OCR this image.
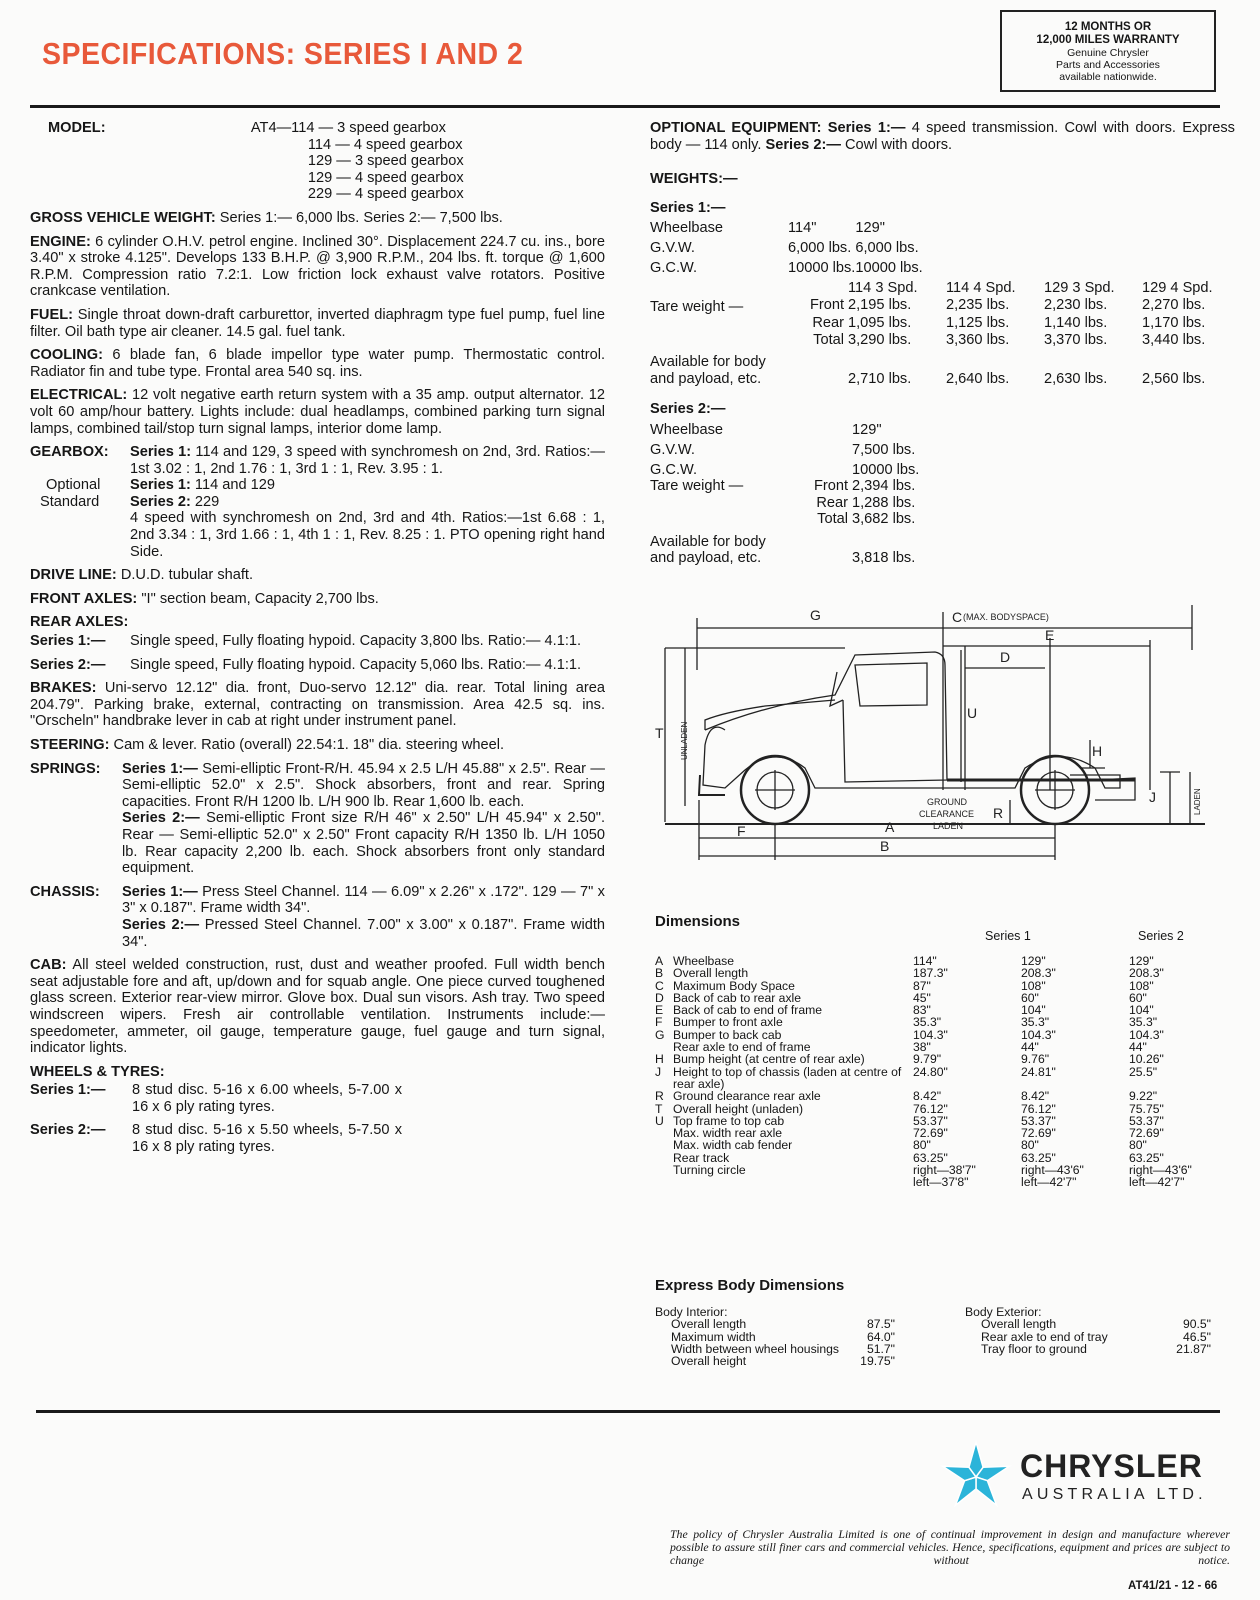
SPECIFICATIONS: SERIES I AND 2
12 MONTHS OR
12,000 MILES WARRANTY
Genuine Chrysler
Parts and Accessories
available nationwide.
MODEL:	AT4—114 — 3 speed gearbox
114 — 4 speed gearbox
129 — 3 speed gearbox
129 — 4 speed gearbox
229 — 4 speed gearbox

GROSS VEHICLE WEIGHT: Series 1:— 6,000 lbs. Series 2:— 7,500 lbs.

ENGINE: 6 cylinder O.H.V. petrol engine. Inclined 30°. Displacement 224.7 cu. ins., bore 3.40" x stroke 4.125". Develops 133 B.H.P. @ 3,900 R.P.M., 204 lbs. ft. torque @ 1,600 R.P.M. Compression ratio 7.2:1. Low friction lock exhaust valve rotators. Positive crankcase ventilation.

FUEL: Single throat down-draft carburettor, inverted diaphragm type fuel pump, fuel line filter. Oil bath type air cleaner. 14.5 gal. fuel tank.

COOLING: 6 blade fan, 6 blade impellor type water pump. Thermostatic control. Radiator fin and tube type. Frontal area 540 sq. ins.

ELECTRICAL: 12 volt negative earth return system with a 35 amp. output alternator. 12 volt 60 amp/hour battery. Lights include: dual headlamps, combined parking turn signal lamps, combined tail/stop turn signal lamps, interior dome lamp.

GEARBOX:	Series 1: 114 and 129, 3 speed with synchromesh on 2nd, 3rd. Ratios:— 1st 3.02 : 1, 2nd 1.76 : 1, 3rd 1 : 1, Rev. 3.95 : 1.
Optional	Series 1: 114 and 129
Standard	Series 2: 229
4 speed with synchromesh on 2nd, 3rd and 4th. Ratios:—1st 6.68 : 1, 2nd 3.34 : 1, 3rd 1.66 : 1, 4th 1 : 1, Rev. 8.25 : 1. PTO opening right hand Side.

DRIVE LINE: D.U.D. tubular shaft.

FRONT AXLES: "I" section beam, Capacity 2,700 lbs.

REAR AXLES:

Series 1:—	Single speed, Fully floating hypoid. Capacity 3,800 lbs. Ratio:— 4.1:1.
Series 2:—	Single speed, Fully floating hypoid. Capacity 5,060 lbs. Ratio:— 4.1:1.

BRAKES: Uni-servo 12.12" dia. front, Duo-servo 12.12" dia. rear. Total lining area 204.79". Parking brake, external, contracting on transmission. Area 42.5 sq. ins. "Orscheln" handbrake lever in cab at right under instrument panel.

STEERING: Cam & lever. Ratio (overall) 22.54:1. 18" dia. steering wheel.

SPRINGS:	Series 1:— Semi-elliptic Front-R/H. 45.94 x 2.5 L/H 45.88" x 2.5". Rear — Semi-elliptic 52.0" x 2.5". Shock absorbers, front and rear. Spring capacities. Front R/H 1200 lb. L/H 900 lb. Rear 1,600 lb. each.
Series 2:— Semi-elliptic Front size R/H 46" x 2.50" L/H 45.94" x 2.50". Rear — Semi-elliptic 52.0" x 2.50" Front capacity R/H 1350 lb. L/H 1050 lb. Rear capacity 2,200 lb. each. Shock absorbers front only standard equipment.
CHASSIS:	Series 1:— Press Steel Channel. 114 — 6.09" x 2.26" x .172". 129 — 7" x 3" x 0.187". Frame width 34".
Series 2:— Pressed Steel Channel. 7.00" x 3.00" x 0.187". Frame width 34".

CAB: All steel welded construction, rust, dust and weather proofed. Full width bench seat adjustable fore and aft, up/down and for squab angle. One piece curved toughened glass screen. Exterior rear-view mirror. Glove box. Dual sun visors. Ash tray. Two speed windscreen wipers. Fresh air controllable ventilation. Instruments include:— speedometer, ammeter, oil gauge, temperature gauge, fuel gauge and turn signal, indicator lights.

WHEELS & TYRES:

Series 1:—	8 stud disc. 5-16 x 6.00 wheels, 5-7.00 x 16 x 6 ply rating tyres.
Series 2:—	8 stud disc. 5-16 x 5.50 wheels, 5-7.50 x 16 x 8 ply rating tyres.

OPTIONAL EQUIPMENT: Series 1:— 4 speed transmission. Cowl with doors. Express body — 114 only. Series 2:— Cowl with doors.

WEIGHTS:—

Series 1:—
Wheelbase	114"		129"	
G.V.W.	6,000 lbs.		6,000 lbs.	
G.C.W.	10000 lbs.		10000 lbs.	
		114 3 Spd.	114 4 Spd.	129 3 Spd.	129 4 Spd.
Tare weight —	Front	2,195 lbs.	2,235 lbs.	2,230 lbs.	2,270 lbs.
	Rear	1,095 lbs.	1,125 lbs.	1,140 lbs.	1,170 lbs.
	Total	3,290 lbs.	3,360 lbs.	3,370 lbs.	3,440 lbs.
Available for body					
and payload, etc.		2,710 lbs.	2,640 lbs.	2,630 lbs.	2,560 lbs.
Series 2:—
Wheelbase		129"
G.V.W.		7,500 lbs.
G.C.W.		10000 lbs.
Tare weight —	Front	2,394 lbs.
	Rear	1,288 lbs.
	Total	3,682 lbs.
Available for body		
and payload, etc.		3,818 lbs.
G	C (MAX. BODYSPACE)
E
D
U
T UNLADEN	H
J	LADEN
GROUND
CLEARANCE
LADEN
R
A
F
B
Dimensions
Series 1	Series 2
A	Wheelbase	114"	129"	129"
B	Overall length	187.3"	208.3"	208.3"
C	Maximum Body Space	87"	108"	108"
D	Back of cab to rear axle	45"	60"	60"
E	Back of cab to end of frame	83"	104"	104"
F	Bumper to front axle	35.3"	35.3"	35.3"
G	Bumper to back cab	104.3"	104.3"	104.3"
	Rear axle to end of frame	38"	44"	44"
H	Bump height (at centre of rear axle)	9.79"	9.76"	10.26"
J	Height to top of chassis (laden at centre of rear axle)	24.80"	24.81"	25.5"
R	Ground clearance rear axle	8.42"	8.42"	9.22"
T	Overall height (unladen)	76.12"	76.12"	75.75"
U	Top frame to top cab	53.37"	53.37"	53.37"
	Max. width rear axle	72.69"	72.69"	72.69"
	Max. width cab fender	80"	80"	80"
	Rear track	63.25"	63.25"	63.25"
	Turning circle	right—38'7"	right—43'6"	right—43'6"
		left—37'8"	left—42'7"	left—42'7"
Express Body Dimensions
Body Interior:
Overall length	87.5"
Maximum width	64.0"
Width between wheel housings	51.7"
Overall height	19.75"
Body Exterior:
Overall length	90.5"
Rear axle to end of tray	46.5"
Tray floor to ground	21.87"
CHRYSLER
AUSTRALIA LTD.
The policy of Chrysler Australia Limited is one of continual improvement in design and manufacture wherever possible to assure still finer cars and commercial vehicles. Hence, specifications, equipment and prices are subject to change without notice.
AT41/21 - 12 - 66
